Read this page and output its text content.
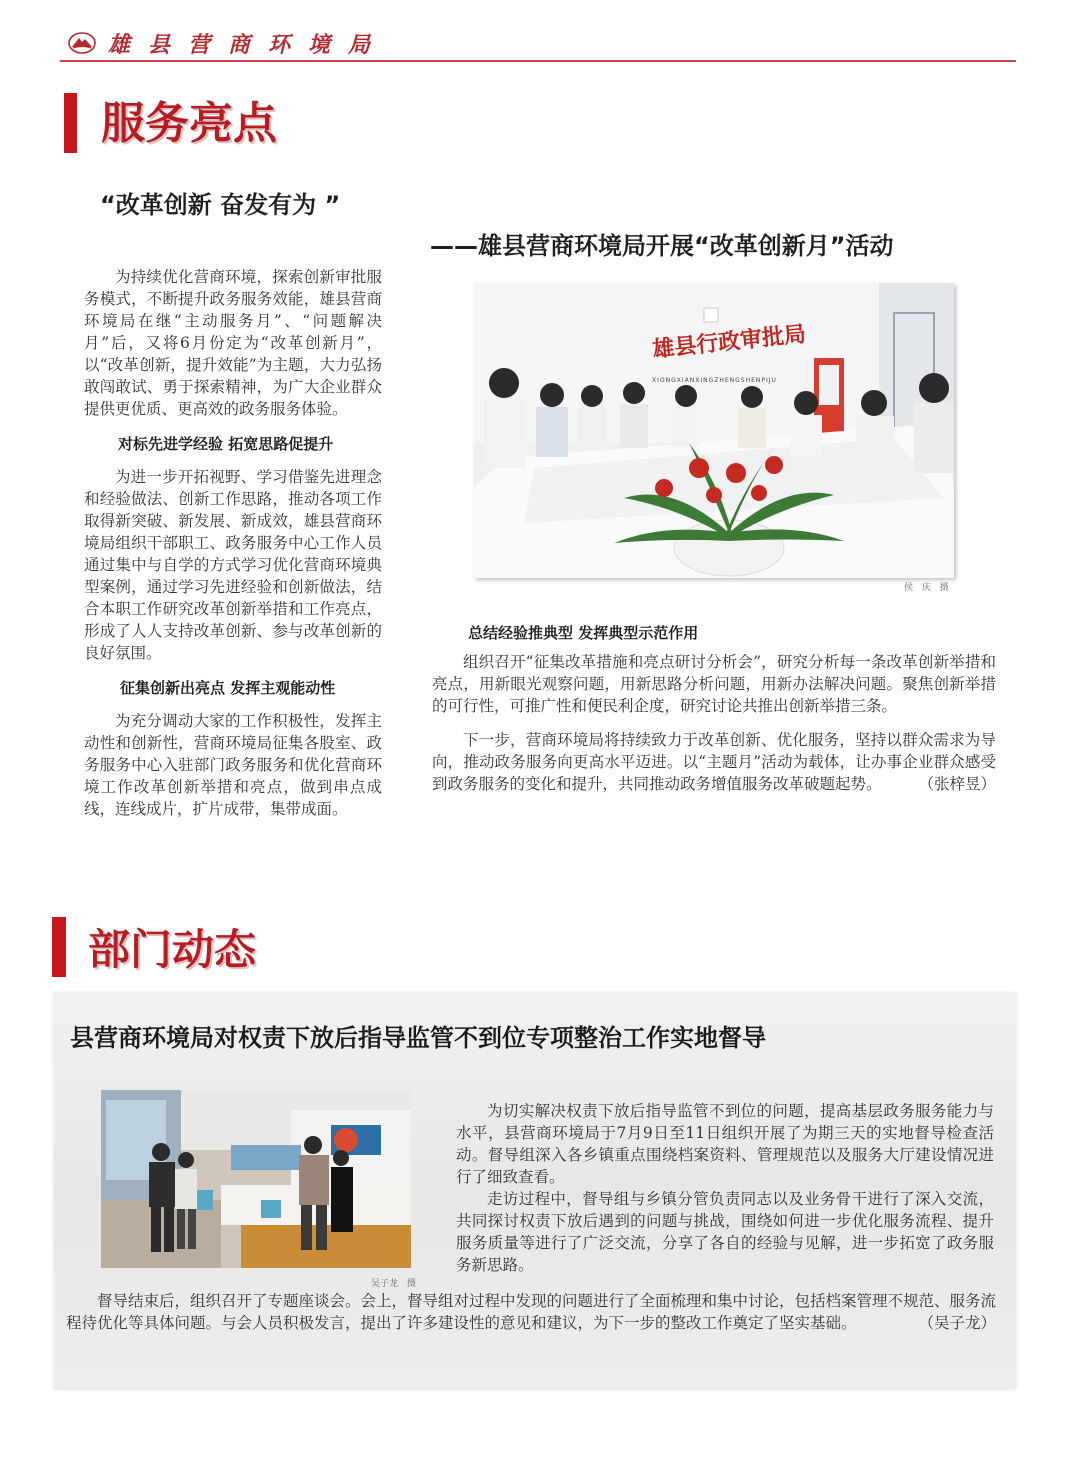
雄县营商环境局
服务亮点
“改革创新 奋发有为 ”
——雄县营商环境局开展“改革创新月”活动

为持续优化营商环境，探索创新审批服务模式，不断提升政务服务效能，雄县营商环境局在继“主动服务月”、“问题解决月”后，又将6月份定为“改革创新月”，以“改革创新，提升效能”为主题，大力弘扬敢闯敢试、勇于探索精神，为广大企业群众提供更优质、更高效的政务服务体验。

对标先进学经验 拓宽思路促提升

为进一步开拓视野、学习借鉴先进理念和经验做法、创新工作思路，推动各项工作取得新突破、新发展、新成效，雄县营商环境局组织干部职工、政务服务中心工作人员通过集中与自学的方式学习优化营商环境典型案例，通过学习先进经验和创新做法，结合本职工作研究改革创新举措和工作亮点，形成了人人支持改革创新、参与改革创新的良好氛围。

征集创新出亮点 发挥主观能动性

为充分调动大家的工作积极性，发挥主动性和创新性，营商环境局征集各股室、政务服务中心入驻部门政务服务和优化营商环境工作改革创新举措和亮点，做到串点成线，连线成片，扩片成带，集带成面。

雄县行政审批局
XIONGXIANXINGZHENGSHENPIJU
侯 庆 摄

总结经验推典型 发挥典型示范作用

组织召开“征集改革措施和亮点研讨分析会”，研究分析每一条改革创新举措和亮点，用新眼光观察问题，用新思路分析问题，用新办法解决问题。聚焦创新举措的可行性，可推广性和便民利企度，研究讨论共推出创新举措三条。

下一步，营商环境局将持续致力于改革创新、优化服务，坚持以群众需求为导向，推动政务服务向更高水平迈进。以“主题月”活动为载体，让办事企业群众感受到政务服务的变化和提升，共同推动政务增值服务改革破题起势。	（张梓昱）

部门动态
县营商环境局对权责下放后指导监管不到位专项整治工作实地督导
吴子龙　摄

为切实解决权责下放后指导监管不到位的问题，提高基层政务服务能力与水平，县营商环境局于7月9日至11日组织开展了为期三天的实地督导检查活动。督导组深入各乡镇重点围绕档案资料、管理规范以及服务大厅建设情况进行了细致查看。

走访过程中，督导组与乡镇分管负责同志以及业务骨干进行了深入交流，共同探讨权责下放后遇到的问题与挑战，围绕如何进一步优化服务流程、提升服务质量等进行了广泛交流，分享了各自的经验与见解，进一步拓宽了政务服务新思路。

督导结束后，组织召开了专题座谈会。会上，督导组对过程中发现的问题进行了全面梳理和集中讨论，包括档案管理不规范、服务流程待优化等具体问题。与会人员积极发言，提出了许多建设性的意见和建议，为下一步的整改工作奠定了坚实基础。	（吴子龙）
